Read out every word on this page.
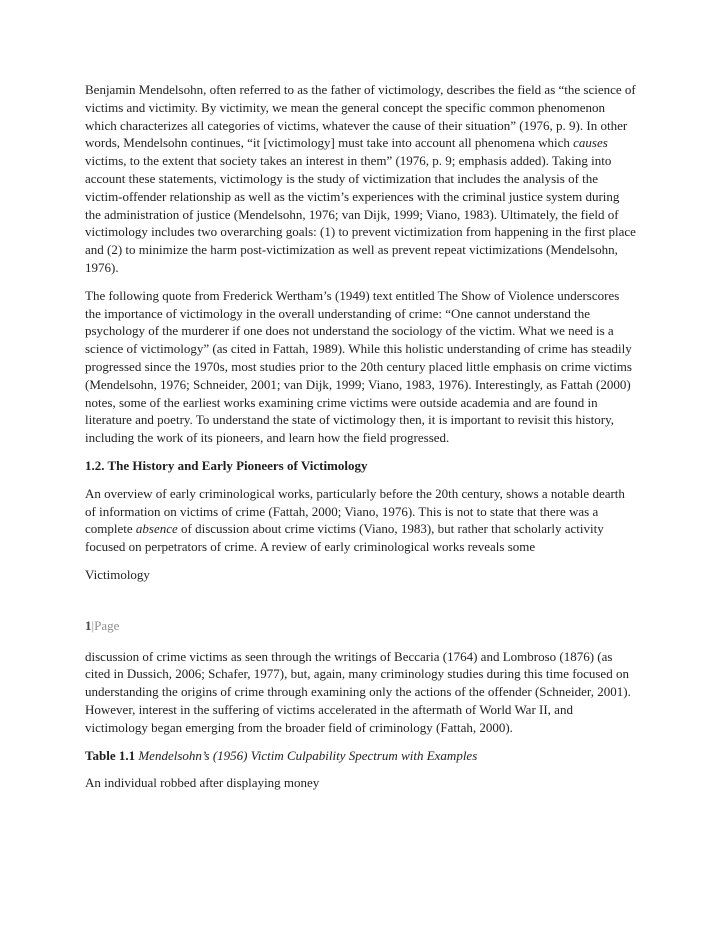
Benjamin Mendelsohn, often referred to as the father of victimology, describes the field as “the science of victims and victimity. By victimity, we mean the general concept the specific common phenomenon which characterizes all categories of victims, whatever the cause of their situation” (1976, p. 9). In other words, Mendelsohn continues, “it [victimology] must take into account all phenomena which causes victims, to the extent that society takes an interest in them” (1976, p. 9; emphasis added). Taking into account these statements, victimology is the study of victimization that includes the analysis of the victim-offender relationship as well as the victim’s experiences with the criminal justice system during the administration of justice (Mendelsohn, 1976; van Dijk, 1999; Viano, 1983). Ultimately, the field of victimology includes two overarching goals: (1) to prevent victimization from happening in the first place and (2) to minimize the harm post-victimization as well as prevent repeat victimizations (Mendelsohn, 1976).

The following quote from Frederick Wertham’s (1949) text entitled The Show of Violence underscores the importance of victimology in the overall understanding of crime: “One cannot understand the psychology of the murderer if one does not understand the sociology of the victim. What we need is a science of victimology” (as cited in Fattah, 1989). While this holistic understanding of crime has steadily progressed since the 1970s, most studies prior to the 20th century placed little emphasis on crime victims (Mendelsohn, 1976; Schneider, 2001; van Dijk, 1999; Viano, 1983, 1976). Interestingly, as Fattah (2000) notes, some of the earliest works examining crime victims were outside academia and are found in literature and poetry. To understand the state of victimology then, it is important to revisit this history, including the work of its pioneers, and learn how the field progressed.

1.2. The History and Early Pioneers of Victimology

An overview of early criminological works, particularly before the 20th century, shows a notable dearth of information on victims of crime (Fattah, 2000; Viano, 1976). This is not to state that there was a complete absence of discussion about crime victims (Viano, 1983), but rather that scholarly activity focused on perpetrators of crime. A review of early criminological works reveals some

Victimology

1|Page

discussion of crime victims as seen through the writings of Beccaria (1764) and Lombroso (1876) (as cited in Dussich, 2006; Schafer, 1977), but, again, many criminology studies during this time focused on understanding the origins of crime through examining only the actions of the offender (Schneider, 2001). However, interest in the suffering of victims accelerated in the aftermath of World War II, and victimology began emerging from the broader field of criminology (Fattah, 2000).

Table 1.1 Mendelsohn’s (1956) Victim Culpability Spectrum with Examples

An individual robbed after displaying money
